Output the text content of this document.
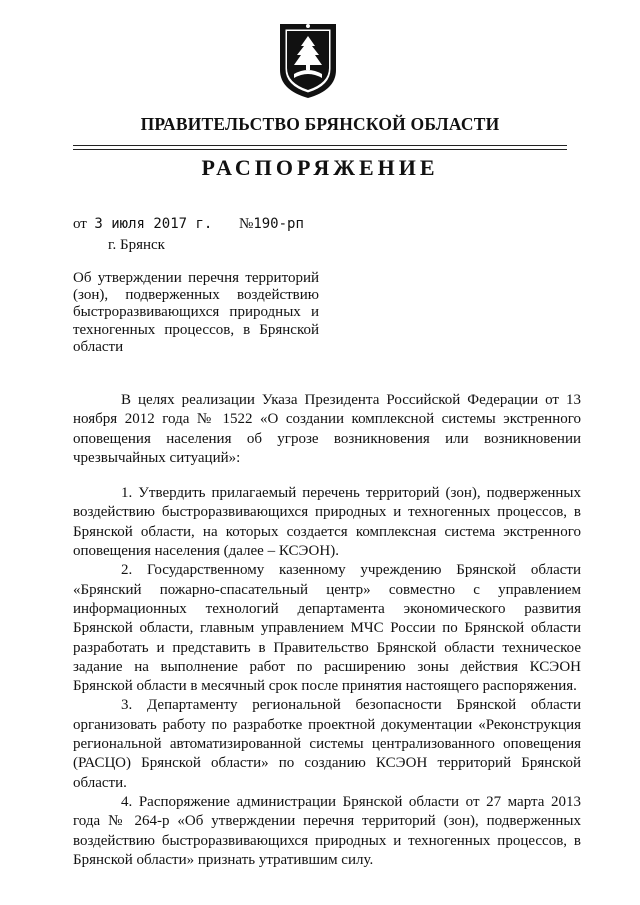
ПРАВИТЕЛЬСТВО БРЯНСКОЙ ОБЛАСТИ
РАСПОРЯЖЕНИЕ
от 3 июля 2017 г. №190-рп
г. Брянск
Об утверждении перечня территорий (зон), подверженных воздействию быстроразвивающихся природных и техногенных процессов, в Брянской области

В целях реализации Указа Президента Российской Федерации от 13 ноября 2012 года № 1522 «О создании комплексной системы экстренного оповещения населения об угрозе возникновения или возникновении чрезвычайных ситуаций»:

1. Утвердить прилагаемый перечень территорий (зон), подверженных воздействию быстроразвивающихся природных и техногенных процессов, в Брянской области, на которых создается комплексная система экстренного оповещения населения (далее – КСЭОН).

2. Государственному казенному учреждению Брянской области «Брянский пожарно-спасательный центр» совместно с управлением информационных технологий департамента экономического развития Брянской области, главным управлением МЧС России по Брянской области разработать и представить в Правительство Брянской области техническое задание на выполнение работ по расширению зоны действия КСЭОН Брянской области в месячный срок после принятия настоящего распоряжения.

3. Департаменту региональной безопасности Брянской области организовать работу по разработке проектной документации «Реконструкция региональной автоматизированной системы централизованного оповещения (РАСЦО) Брянской области» по созданию КСЭОН территорий Брянской области.

4. Распоряжение администрации Брянской области от 27 марта 2013 года № 264-р «Об утверждении перечня территорий (зон), подверженных воздействию быстроразвивающихся природных и техногенных процессов, в Брянской области» признать утратившим силу.
